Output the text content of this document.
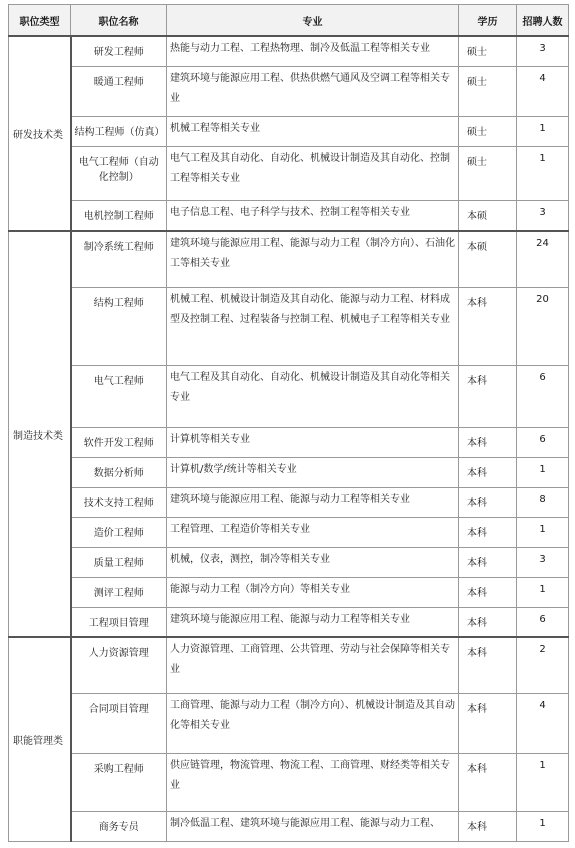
职位类型	职位名称	专业	学历	招聘人数
研发技术类	研发工程师	热能与动力工程、工程热物理、制冷及低温工程等相关专业	硕士	3
	暖通工程师	建筑环境与能源应用工程、供热供燃气通风及空调工程等相关专业	硕士	4
	结构工程师（仿真）	机械工程等相关专业	硕士	1
	电气工程师（自动化控制）	电气工程及其自动化、自动化、机械设计制造及其自动化、控制工程等相关专业	硕士	1
	电机控制工程师	电子信息工程、电子科学与技术、控制工程等相关专业	本硕	3
制造技术类	制冷系统工程师	建筑环境与能源应用工程、能源与动力工程（制冷方向）、石油化工等相关专业	本硕	24
	结构工程师	机械工程、机械设计制造及其自动化、能源与动力工程、材料成型及控制工程、过程装备与控制工程、机械电子工程等相关专业	本科	20
	电气工程师	电气工程及其自动化、自动化、机械设计制造及其自动化等相关专业	本科	6
	软件开发工程师	计算机等相关专业	本科	6
	数据分析师	计算机/数学/统计等相关专业	本科	1
	技术支持工程师	建筑环境与能源应用工程、能源与动力工程等相关专业	本科	8
	造价工程师	工程管理、工程造价等相关专业	本科	1
	质量工程师	机械，仪表，测控，制冷等相关专业	本科	3
	测评工程师	能源与动力工程（制冷方向）等相关专业	本科	1
	工程项目管理	建筑环境与能源应用工程、能源与动力工程等相关专业	本科	6
职能管理类	人力资源管理	人力资源管理、工商管理、公共管理、劳动与社会保障等相关专业	本科	2
	合同项目管理	工商管理、能源与动力工程（制冷方向）、机械设计制造及其自动化等相关专业	本科	4
	采购工程师	供应链管理，物流管理、物流工程、工商管理、财经类等相关专业	本科	1
	商务专员	制冷低温工程、建筑环境与能源应用工程、能源与动力工程、	本科	1
